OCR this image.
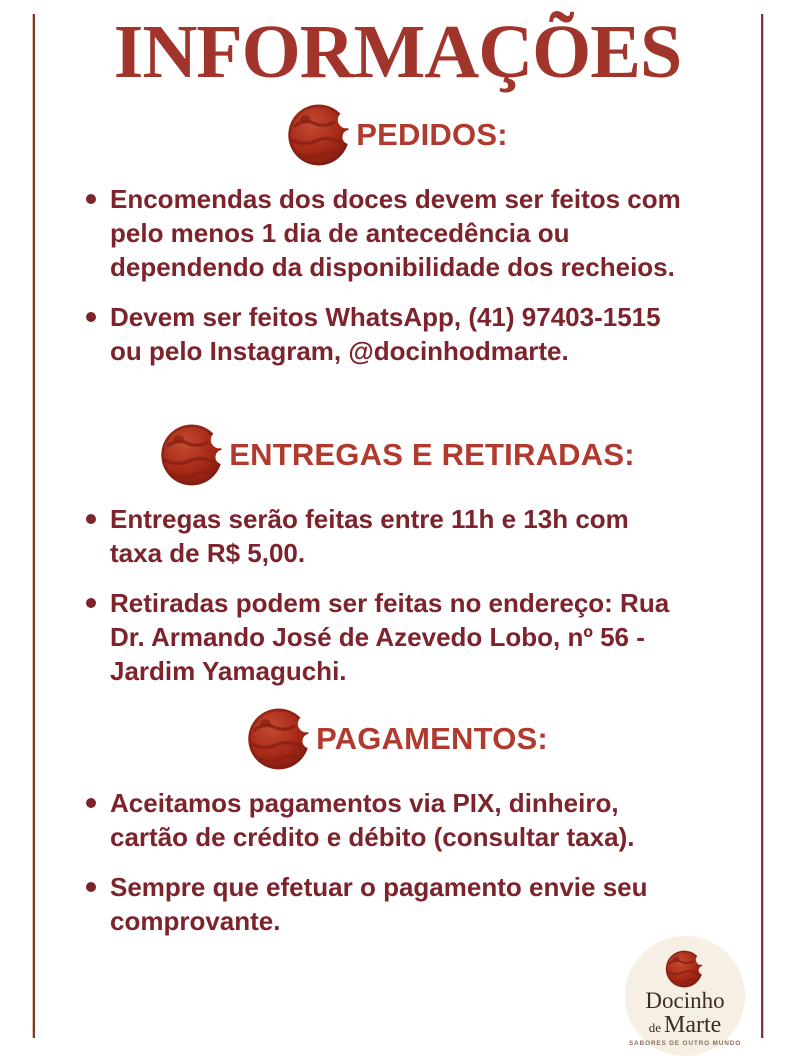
INFORMAÇÕES
PEDIDOS:
Encomendas dos doces devem ser feitos com
pelo menos 1 dia de antecedência ou
dependendo da disponibilidade dos recheios.
Devem ser feitos WhatsApp, (41) 97403-1515
ou pelo Instagram, @docinhodmarte.
ENTREGAS E RETIRADAS:
Entregas serão feitas entre 11h e 13h com
taxa de R$ 5,00.
Retiradas podem ser feitas no endereço: Rua
Dr. Armando José de Azevedo Lobo, nº 56 -
Jardim Yamaguchi.
PAGAMENTOS:
Aceitamos pagamentos via PIX, dinheiro,
cartão de crédito e débito (consultar taxa).
Sempre que efetuar o pagamento envie seu
comprovante.
Docinho
de Marte
SABORES DE OUTRO MUNDO
